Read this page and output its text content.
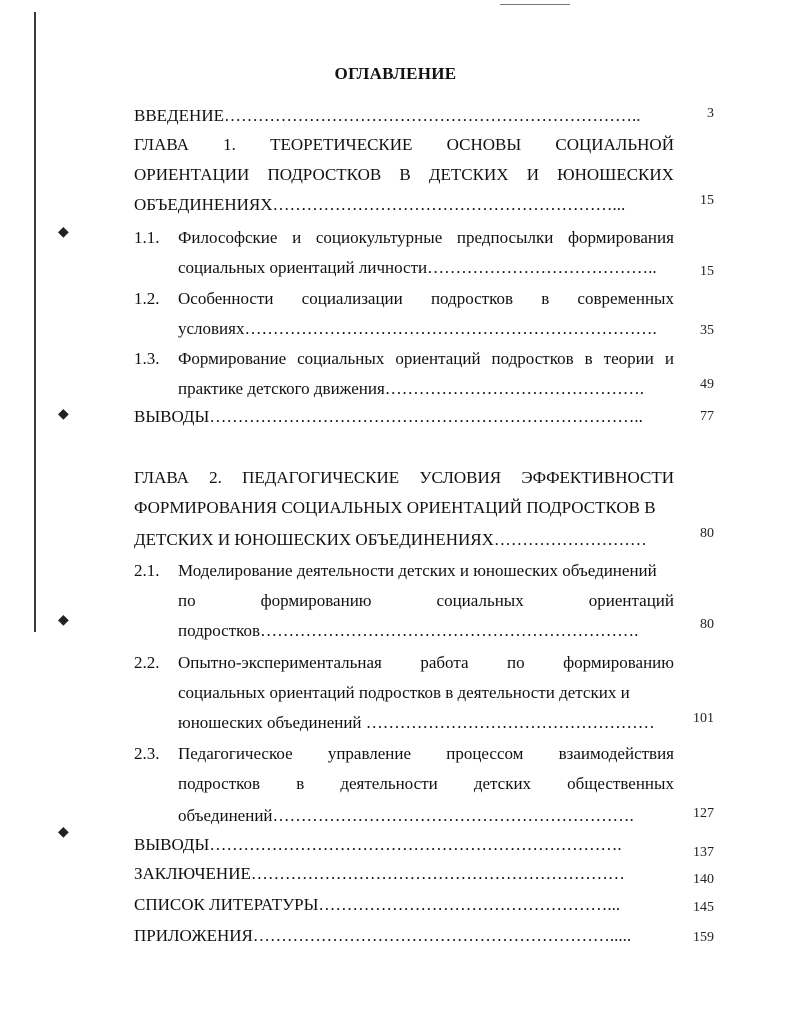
◆
◆
◆
◆
ОГЛАВЛЕНИЕ
ВВЕДЕНИЕ………………………………………………………………..	3
ГЛАВА 1. ТЕОРЕТИЧЕСКИЕ ОСНОВЫ СОЦИАЛЬНОЙ
ОРИЕНТАЦИИ ПОДРОСТКОВ В ДЕТСКИХ И ЮНОШЕСКИХ
ОБЪЕДИНЕНИЯХ……………………………………………………...	15
1.1. Философские и социокультурные предпосылки формирования
социальных ориентаций личности…………………………………..	15
1.2. Особенности социализации подростков в современных
условиях……………………………………………………………….	35
1.3. Формирование социальных ориентаций подростков в теории и
практике детского движения……………………………………….	49
ВЫВОДЫ…………………………………………………………………..	77
ГЛАВА 2. ПЕДАГОГИЧЕСКИЕ УСЛОВИЯ ЭФФЕКТИВНОСТИ
ФОРМИРОВАНИЯ СОЦИАЛЬНЫХ ОРИЕНТАЦИЙ ПОДРОСТКОВ В
ДЕТСКИХ И ЮНОШЕСКИХ ОБЪЕДИНЕНИЯХ………………………	80
2.1. Моделирование деятельности детских и юношеских объединений
по	формированию	социальных	ориентаций
подростков………………………………………………………….	80
2.2. Опытно-экспериментальная работа по формированию
социальных ориентаций подростков в деятельности детских и
юношеских объединений ……………………………………………	101
2.3. Педагогическое управление процессом взаимодействия
подростков в деятельности детских общественных
объединений……………………………………………………….	127
ВЫВОДЫ……………………………………………………………….	137
ЗАКЛЮЧЕНИЕ…………………………………………………………	140
СПИСОК ЛИТЕРАТУРЫ……………………………………………...	145
ПРИЛОЖЕНИЯ……………………………………………………….....	159
